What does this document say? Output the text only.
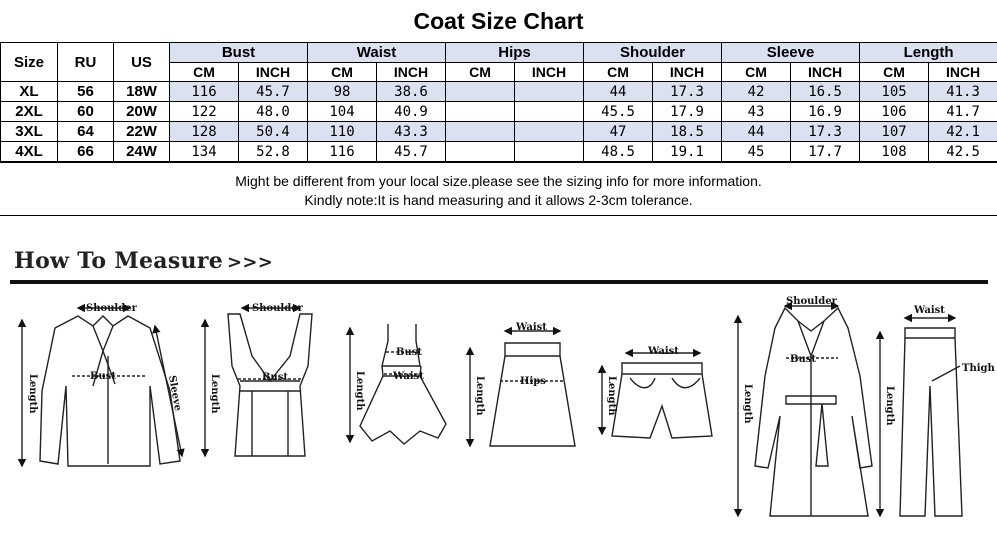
Coat Size Chart
Size	RU	US	Bust		Waist		Hips		Shoulder		Sleeve		Length	
			CM	INCH	CM	INCH	CM	INCH	CM	INCH	CM	INCH	CM	INCH
XL	56	18W	116	45.7	98	38.6			44	17.3	42	16.5	105	41.3
2XL	60	20W	122	48.0	104	40.9			45.5	17.9	43	16.9	106	41.7
3XL	64	22W	128	50.4	110	43.3			47	18.5	44	17.3	107	42.1
4XL	66	24W	134	52.8	116	45.7			48.5	19.1	45	17.7	108	42.5
Might be different from your local size.please see the sizing info for more information.
Kindly note:It is hand measuring and it allows 2-3cm tolerance.
How To Measure >>>
Shoulder
Bust	Sleeve
Length
Shoulder
Bust
Length
Bust
Waist
Length
Waist
Hips
Length
Waist
Length
Shoulder
Bust
Length
Waist
Thigh
Length
